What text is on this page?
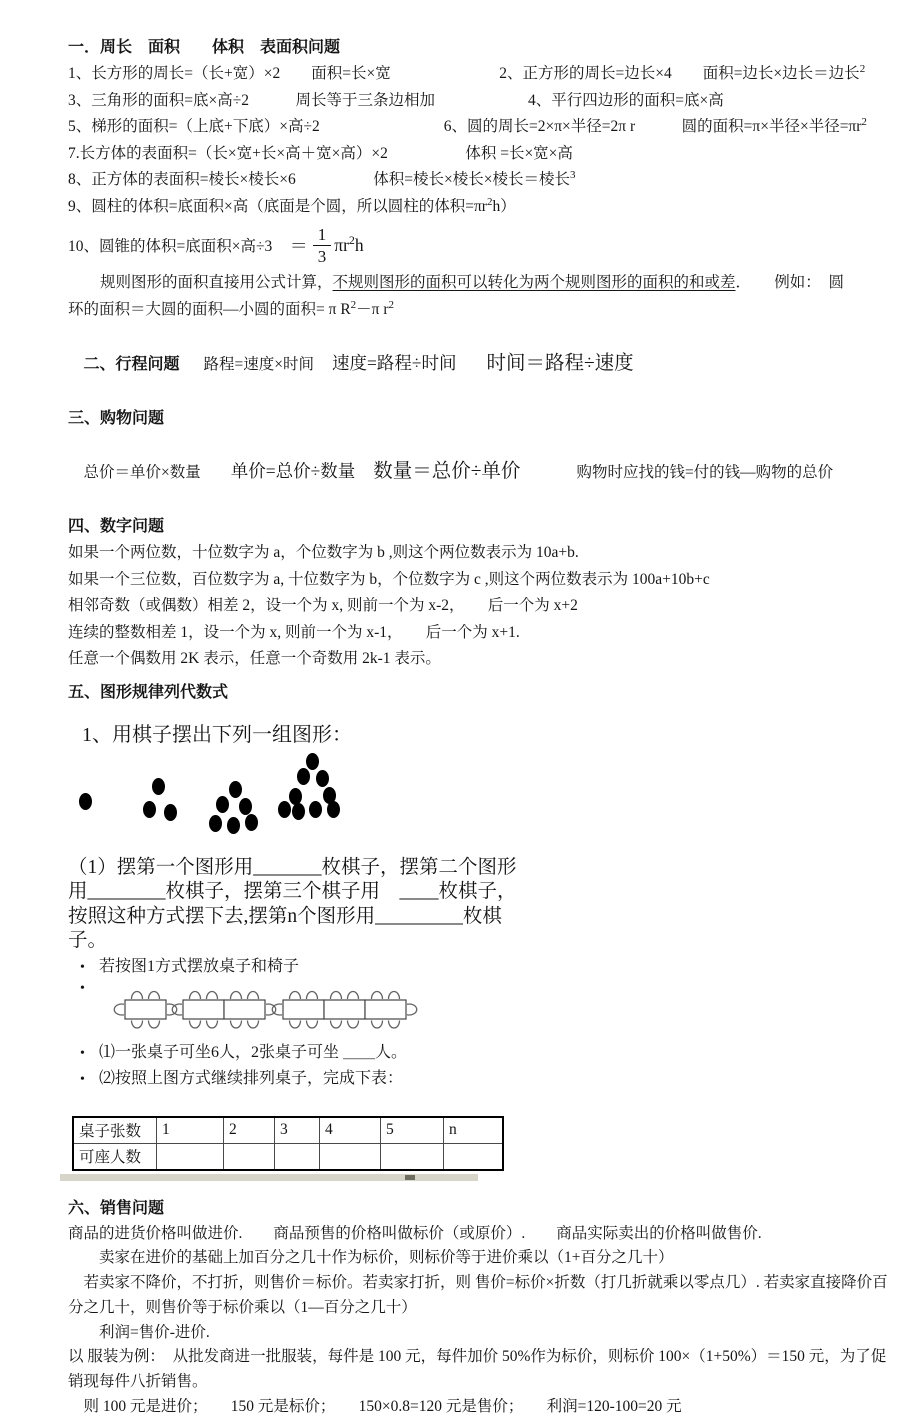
一．周长　面积　　体积　表面积问题
1、长方形的周长=（长+宽）×2　　面积=长×宽　　　　　　　2、正方形的周长=边长×4　　面积=边长×边长＝边长$^2$
3、三角形的面积=底×高÷2　　　周长等于三条边相加　　　　　　4、平行四边形的面积=底×高
5、梯形的面积=（上底+下底）×高÷2　　　　　　　　6、圆的周长=2×π×半径=2π r　　　圆的面积=π×半径×半径$=\pi r^2$
7.长方体的表面积=（长×宽+长×高＋宽×高）×2　　　　　体积 =长×宽×高
8、正方体的表面积=棱长×棱长×6　　　　　体积=棱长×棱长×棱长＝棱长$^3$
9、圆柱的体积=底面积×高（底面是个圆，所以圆柱的体积$=\pi r^2h$）
10、圆锥的体积=底面积×高÷3　 ＝ $\frac{1}{3} \pi r^2h$
规则图形的面积直接用公式计算，不规则图形的面积可以转化为两个规则图形的面积的和或差．　　例如：　圆
环的面积＝大圆的面积—小圆的面积= π $R^2-\pi$ $r^2$

二、行程问题 路程=速度×时间 速度=路程÷时间 时间＝路程÷速度

三、购物问题

总价＝单价×数量 单价=总价÷数量 数量＝总价÷单价	购物时应找的钱=付的钱—购物的总价

四、数字问题
如果一个两位数，十位数字为 a，个位数字为 b ,则这个两位数表示为 10a+b.
如果一个三位数，百位数字为 a, 十位数字为 b，个位数字为 c ,则这个两位数表示为 100a+10b+c
相邻奇数（或偶数）相差 2，设一个为 x, 则前一个为 x-2，　　后一个为 x+2
连续的整数相差 1，设一个为 x, 则前一个为 x-1，　　后一个为 x+1.
任意一个偶数用 2K 表示，任意一个奇数用 2k-1 表示。
五、图形规律列代数式
1、用棋子摆出下列一组图形：
（1）摆第一个图形用_______枚棋子，摆第二个图形用________枚棋子，摆第三个棋子用　____枚棋子，按照这种方式摆下去,摆第n个图形用_________枚棋子。
• 若按图1方式摆放桌子和椅子
•
• ⑴一张桌子可坐6人，2张桌子可坐 ＿＿人。
• ⑵按照上图方式继续排列桌子，完成下表：
桌子张数	1	2	3	4	5	n
可座人数						
六、销售问题
商品的进货价格叫做进价.　　商品预售的价格叫做标价（或原价）.　　商品实际卖出的价格叫做售价.
　　卖家在进价的基础上加百分之几十作为标价，则标价等于进价乘以（1+百分之几十）
　若卖家不降价，不打折，则售价＝标价。若卖家打折，则 售价=标价×折数（打几折就乘以零点几）. 若卖家直接降价百分之几十，则售价等于标价乘以（1—百分之几十）
　　利润=售价-进价.
以 服装为例：　从批发商进一批服装，每件是 100 元，每件加价 50%作为标价，则标价 100×（1+50%）＝150 元，为了促销现每件八折销售。
　则 100 元是进价；　　150 元是标价；　　150×0.8=120 元是售价；　　利润=120-100=20 元
